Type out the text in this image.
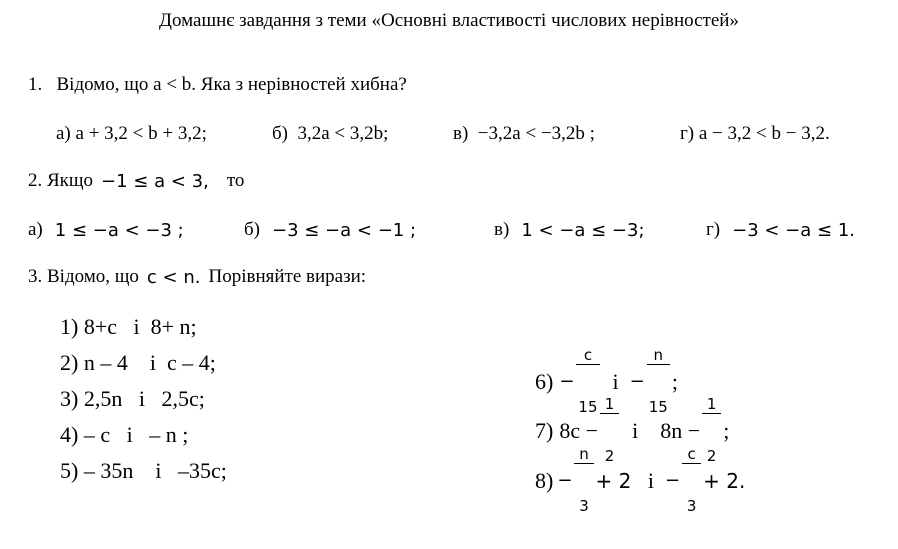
Домашнє завдання з теми «Основні властивості числових нерівностей»
1.   Відомо, що a < b. Яка з нерівностей хибна?
а) a + 3,2 < b + 3,2;	б)  3,2a < 3,2b;	в)  −3,2a < −3,2b ;	г) a − 3,2 < b − 3,2.
2. Якщо −1 ≤ a < 3, то
а) 1 ≤ −a < −3 ;	б) −3 ≤ −a < −1 ;	в) 1 < −a ≤ −3;	г) −3 < −a ≤ 1.
3. Відомо, що c < n. Порівняйте вирази:
1) 8+c   і  8+ n;
2) n – 4    і  c – 4;
3) 2,5n   і   2,5c;
4) – c   і   – n ;
5) – 35n    і   –35c;
6) −

$\frac{c}{15}$

і −

$\frac{n}{15}$

;
7) 8c −

$\frac{1}{2}$

і 8n −

$\frac{1}{2}$

;
8) −

$\frac{n}{3}$

+ 2 і −

$\frac{c}{3}$

+ 2.
